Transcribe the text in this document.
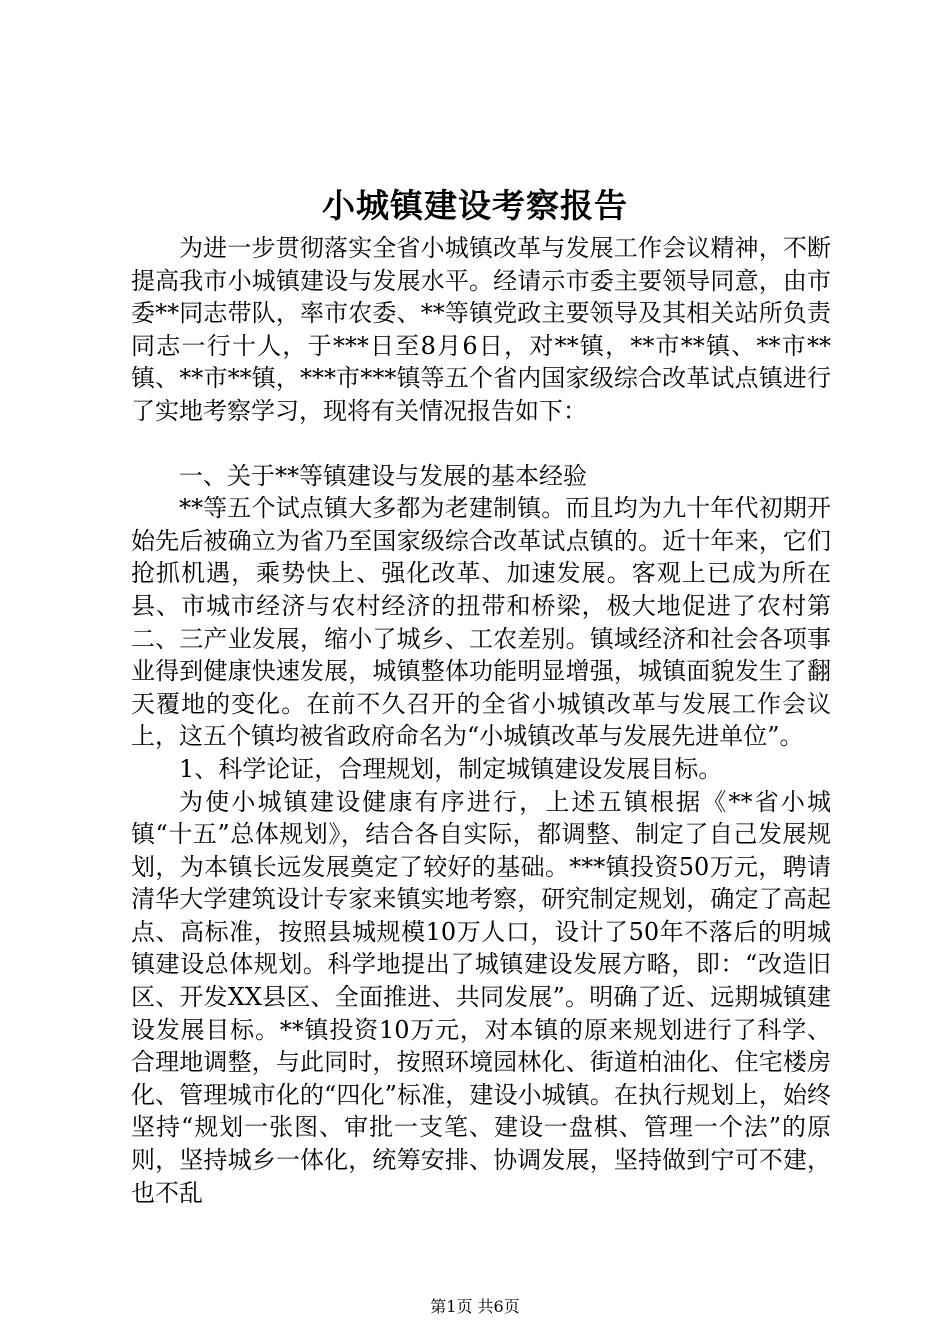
小城镇建设考察报告

为进一步贯彻落实全省小城镇改革与发展工作会议精神，不断提高我市小城镇建设与发展水平。经请示市委主要领导同意，由市委**同志带队，率市农委、**等镇党政主要领导及其相关站所负责同志一行十人，于***日至8月6日，对**镇，**市**镇、**市**镇、**市**镇，***市***镇等五个省内国家级综合改革试点镇进行了实地考察学习，现将有关情况报告如下：

一、关于**等镇建设与发展的基本经验

**等五个试点镇大多都为老建制镇。而且均为九十年代初期开始先后被确立为省乃至国家级综合改革试点镇的。近十年来，它们抢抓机遇，乘势快上、强化改革、加速发展。客观上已成为所在县、市城市经济与农村经济的扭带和桥梁，极大地促进了农村第二、三产业发展，缩小了城乡、工农差别。镇域经济和社会各项事业得到健康快速发展，城镇整体功能明显增强，城镇面貌发生了翻天覆地的变化。在前不久召开的全省小城镇改革与发展工作会议上，这五个镇均被省政府命名为“小城镇改革与发展先进单位”。

1、科学论证，合理规划，制定城镇建设发展目标。

为使小城镇建设健康有序进行，上述五镇根据《**省小城镇“十五”总体规划》，结合各自实际，都调整、制定了自己发展规划，为本镇长远发展奠定了较好的基础。***镇投资50万元，聘请清华大学建筑设计专家来镇实地考察，研究制定规划，确定了高起点、高标准，按照县城规模10万人口，设计了50年不落后的明城镇建设总体规划。科学地提出了城镇建设发展方略，即：“改造旧区、开发XX县区、全面推进、共同发展”。明确了近、远期城镇建设发展目标。**镇投资10万元，对本镇的原来规划进行了科学、合理地调整，与此同时，按照环境园林化、街道柏油化、住宅楼房化、管理城市化的“四化”标准，建设小城镇。在执行规划上，始终坚持“规划一张图、审批一支笔、建设一盘棋、管理一个法”的原则，坚持城乡一体化，统筹安排、协调发展，坚持做到宁可不建，也不乱

第1页 共6页
